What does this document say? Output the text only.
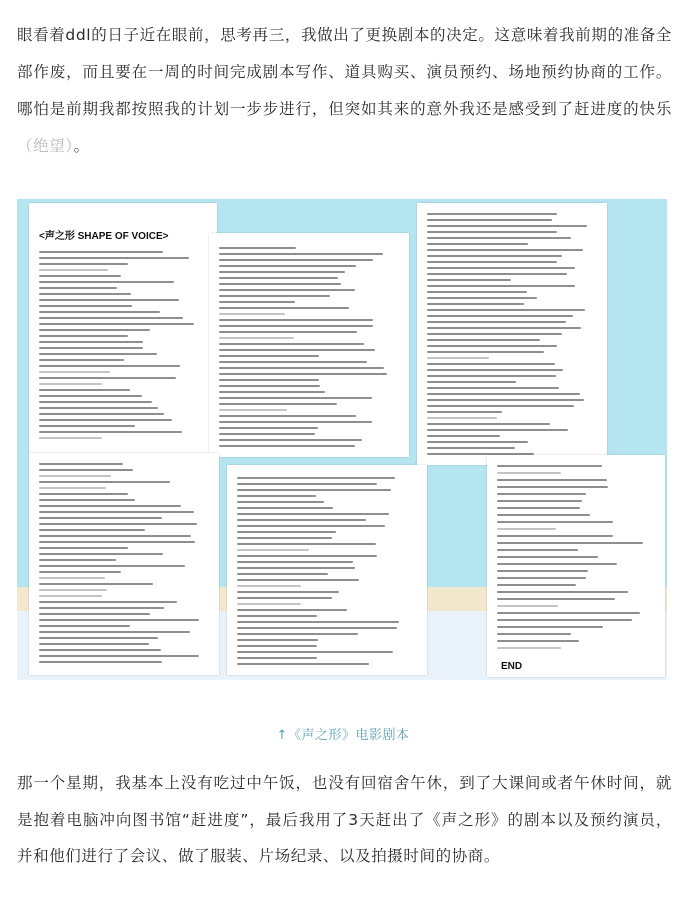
眼看着ddl的日子近在眼前，思考再三，我做出了更换剧本的决定。这意味着我前期的准备全部作废，而且要在一周的时间完成剧本写作、道具购买、演员预约、场地预约协商的工作。哪怕是前期我都按照我的计划一步步进行，但突如其来的意外我还是感受到了赶进度的快乐（绝望）。

<声之形 SHAPE OF VOICE>
END
↑《声之形》电影剧本

那一个星期，我基本上没有吃过中午饭，也没有回宿舍午休，到了大课间或者午休时间，就是抱着电脑冲向图书馆“赶进度”，最后我用了3天赶出了《声之形》的剧本以及预约演员，并和他们进行了会议、做了服装、片场纪录、以及拍摄时间的协商。
